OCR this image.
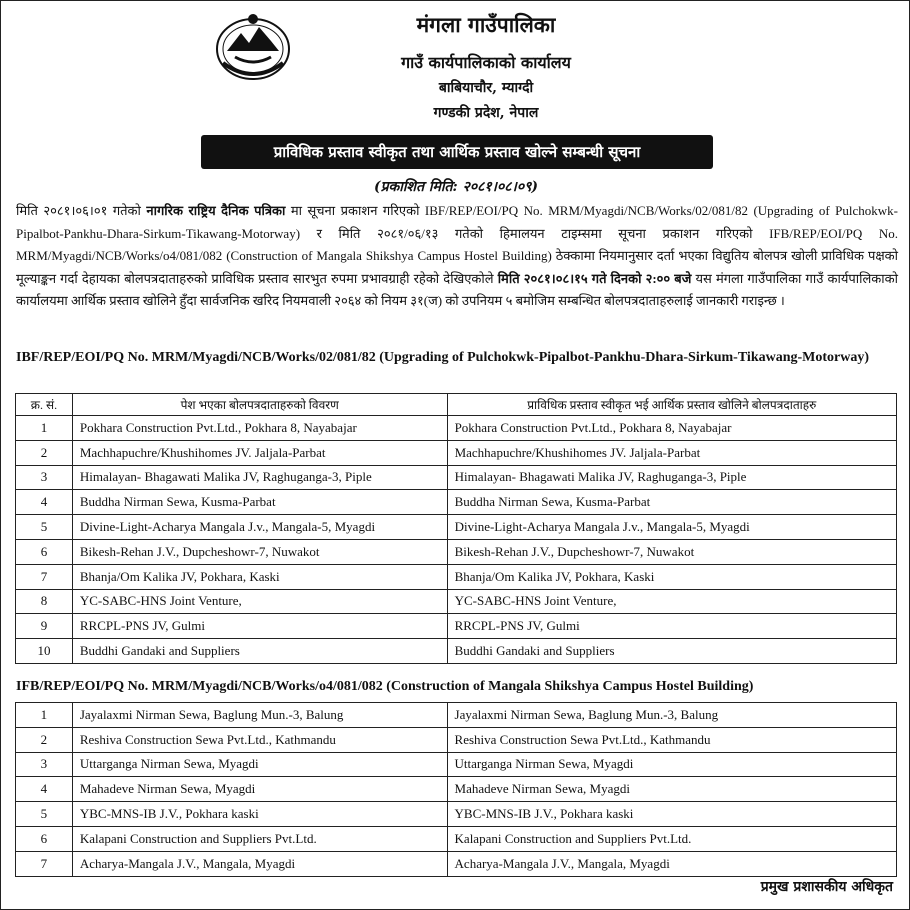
मंगला गाउँपालिका
गाउँ कार्यपालिकाको कार्यालय
बाबियाचौर, म्याग्दी
गण्डकी प्रदेश, नेपाल
प्राविधिक प्रस्ताव स्वीकृत तथा आर्थिक प्रस्ताव खोल्ने सम्बन्धी सूचना
(प्रकाशित मिति: २०८१।०८।०९)
मिति २०८१।०६।०१ गतेको नागरिक राष्ट्रिय दैनिक पत्रिका मा सूचना प्रकाशन गरिएको IBF/REP/EOI/PQ No. MRM/Myagdi/NCB/Works/02/081/82 (Upgrading of Pulchokwk-Pipalbot-Pankhu-Dhara-Sirkum-Tikawang-Motorway) र मिति २०८१/०६/१३ गतेको हिमालयन टाइम्समा सूचना प्रकाशन गरिएको IFB/REP/EOI/PQ No. MRM/Myagdi/NCB/Works/o4/081/082 (Construction of Mangala Shikshya Campus Hostel Building) ठेक्कामा नियमानुसार दर्ता भएका विद्युतिय बोलपत्र खोली प्राविधिक पक्षको मूल्याङ्कन गर्दा देहायका बोलपत्रदाताहरुको प्राविधिक प्रस्ताव सारभुत रुपमा प्रभावग्राही रहेको देखिएकोले मिति २०८१।०८।१५ गते दिनको २:०० बजे यस मंगला गाउँपालिका गाउँ कार्यपालिकाको कार्यालयमा आर्थिक प्रस्ताव खोलिने हुँदा सार्वजनिक खरिद नियमवाली २०६४ को नियम ३१(ज) को उपनियम ५ बमोजिम सम्बन्धित बोलपत्रदाताहरुलाई जानकारी गराइन्छ ।
IBF/REP/EOI/PQ No. MRM/Myagdi/NCB/Works/02/081/82 (Upgrading of Pulchokwk-Pipalbot-Pankhu-Dhara-Sirkum-Tikawang-Motorway)
क्र. सं.	पेश भएका बोलपत्रदाताहरुको विवरण	प्राविधिक प्रस्ताव स्वीकृत भई आर्थिक प्रस्ताव खोलिने बोलपत्रदाताहरु
1	Pokhara Construction Pvt.Ltd., Pokhara 8, Nayabajar	Pokhara Construction Pvt.Ltd., Pokhara 8, Nayabajar
2	Machhapuchre/Khushihomes JV. Jaljala-Parbat	Machhapuchre/Khushihomes JV. Jaljala-Parbat
3	Himalayan- Bhagawati Malika JV, Raghuganga-3, Piple	Himalayan- Bhagawati Malika JV, Raghuganga-3, Piple
4	Buddha Nirman Sewa, Kusma-Parbat	Buddha Nirman Sewa, Kusma-Parbat
5	Divine-Light-Acharya Mangala J.v., Mangala-5, Myagdi	Divine-Light-Acharya Mangala J.v., Mangala-5, Myagdi
6	Bikesh-Rehan J.V., Dupcheshowr-7, Nuwakot	Bikesh-Rehan J.V., Dupcheshowr-7, Nuwakot
7	Bhanja/Om Kalika JV, Pokhara, Kaski	Bhanja/Om Kalika JV, Pokhara, Kaski
8	YC-SABC-HNS Joint Venture,	YC-SABC-HNS Joint Venture,
9	RRCPL-PNS JV, Gulmi	RRCPL-PNS JV, Gulmi
10	Buddhi Gandaki and Suppliers	Buddhi Gandaki and Suppliers
IFB/REP/EOI/PQ No. MRM/Myagdi/NCB/Works/o4/081/082 (Construction of Mangala Shikshya Campus Hostel Building)
1	Jayalaxmi Nirman Sewa, Baglung Mun.-3, Balung	Jayalaxmi Nirman Sewa, Baglung Mun.-3, Balung
2	Reshiva Construction Sewa Pvt.Ltd., Kathmandu	Reshiva Construction Sewa Pvt.Ltd., Kathmandu
3	Uttarganga Nirman Sewa, Myagdi	Uttarganga Nirman Sewa, Myagdi
4	Mahadeve Nirman Sewa, Myagdi	Mahadeve Nirman Sewa, Myagdi
5	YBC-MNS-IB J.V., Pokhara kaski	YBC-MNS-IB J.V., Pokhara kaski
6	Kalapani Construction and Suppliers Pvt.Ltd.	Kalapani Construction and Suppliers Pvt.Ltd.
7	Acharya-Mangala J.V., Mangala, Myagdi	Acharya-Mangala J.V., Mangala, Myagdi
प्रमुख प्रशासकीय अधिकृत
